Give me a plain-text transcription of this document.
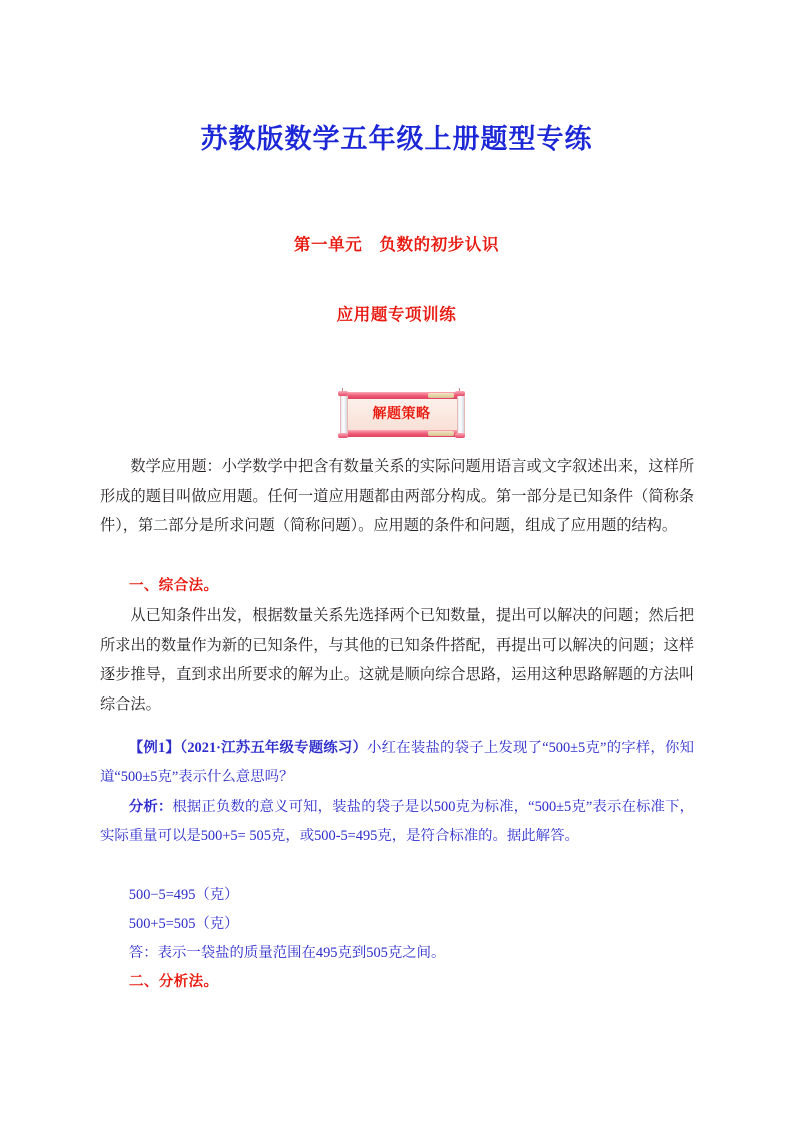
苏教版数学五年级上册题型专练
第一单元　负数的初步认识
应用题专项训练
解题策略
数学应用题：小学数学中把含有数量关系的实际问题用语言或文字叙述出来，这样所形成的题目叫做应用题。任何一道应用题都由两部分构成。第一部分是已知条件（简称条件），第二部分是所求问题（简称问题）。应用题的条件和问题，组成了应用题的结构。
一、综合法。
从已知条件出发，根据数量关系先选择两个已知数量，提出可以解决的问题；然后把所求出的数量作为新的已知条件，与其他的已知条件搭配，再提出可以解决的问题；这样逐步推导，直到求出所要求的解为止。这就是顺向综合思路，运用这种思路解题的方法叫综合法。
【例1】（2021·江苏五年级专题练习）小红在装盐的袋子上发现了“500±5克”的字样，你知道“500±5克”表示什么意思吗？
分析：根据正负数的意义可知，装盐的袋子是以500克为标准，“500±5克”表示在标准下，实际重量可以是500+5= 505克，或500-5=495克，是符合标准的。据此解答。
500−5=495（克）
500+5=505（克）
答：表示一袋盐的质量范围在495克到505克之间。
二、分析法。
